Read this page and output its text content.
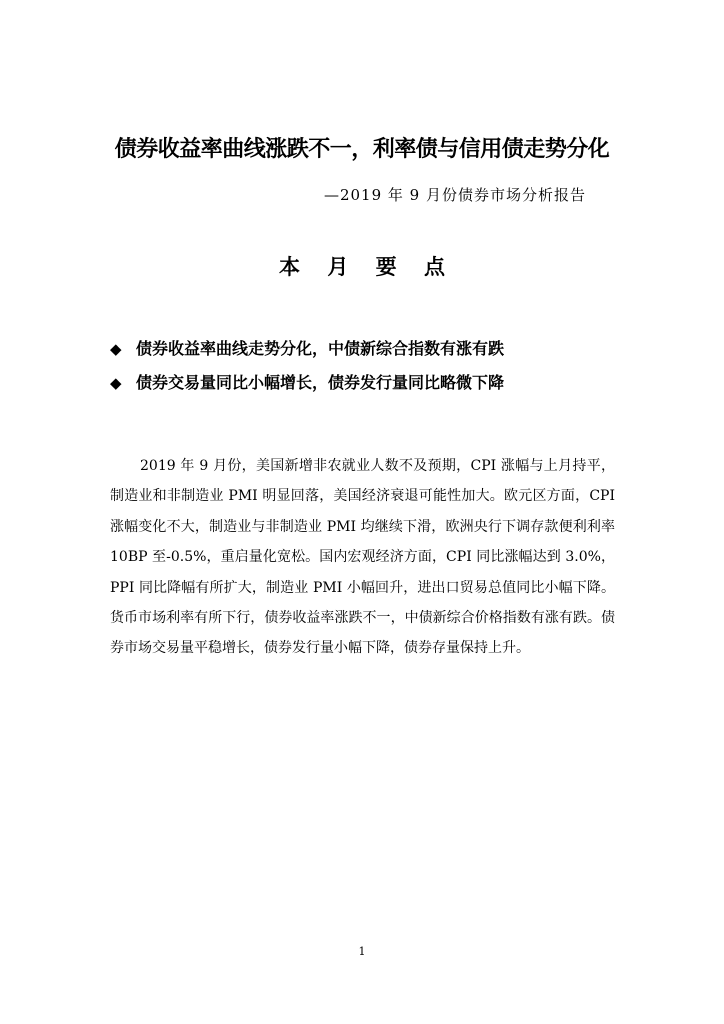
债券收益率曲线涨跌不一，利率债与信用债走势分化
—2019 年 9 月份债券市场分析报告
本 月 要 点
◆ 债券收益率曲线走势分化，中债新综合指数有涨有跌
◆ 债券交易量同比小幅增长，债券发行量同比略微下降

2019 年 9 月份，美国新增非农就业人数不及预期，CPI 涨幅与上月持平，制造业和非制造业 PMI 明显回落，美国经济衰退可能性加大。欧元区方面，CPI 涨幅变化不大，制造业与非制造业 PMI 均继续下滑，欧洲央行下调存款便利利率 10BP 至-0.5%，重启量化宽松。国内宏观经济方面，CPI 同比涨幅达到 3.0%，PPI 同比降幅有所扩大，制造业 PMI 小幅回升，进出口贸易总值同比小幅下降。货币市场利率有所下行，债券收益率涨跌不一，中债新综合价格指数有涨有跌。债券市场交易量平稳增长，债券发行量小幅下降，债券存量保持上升。

1
